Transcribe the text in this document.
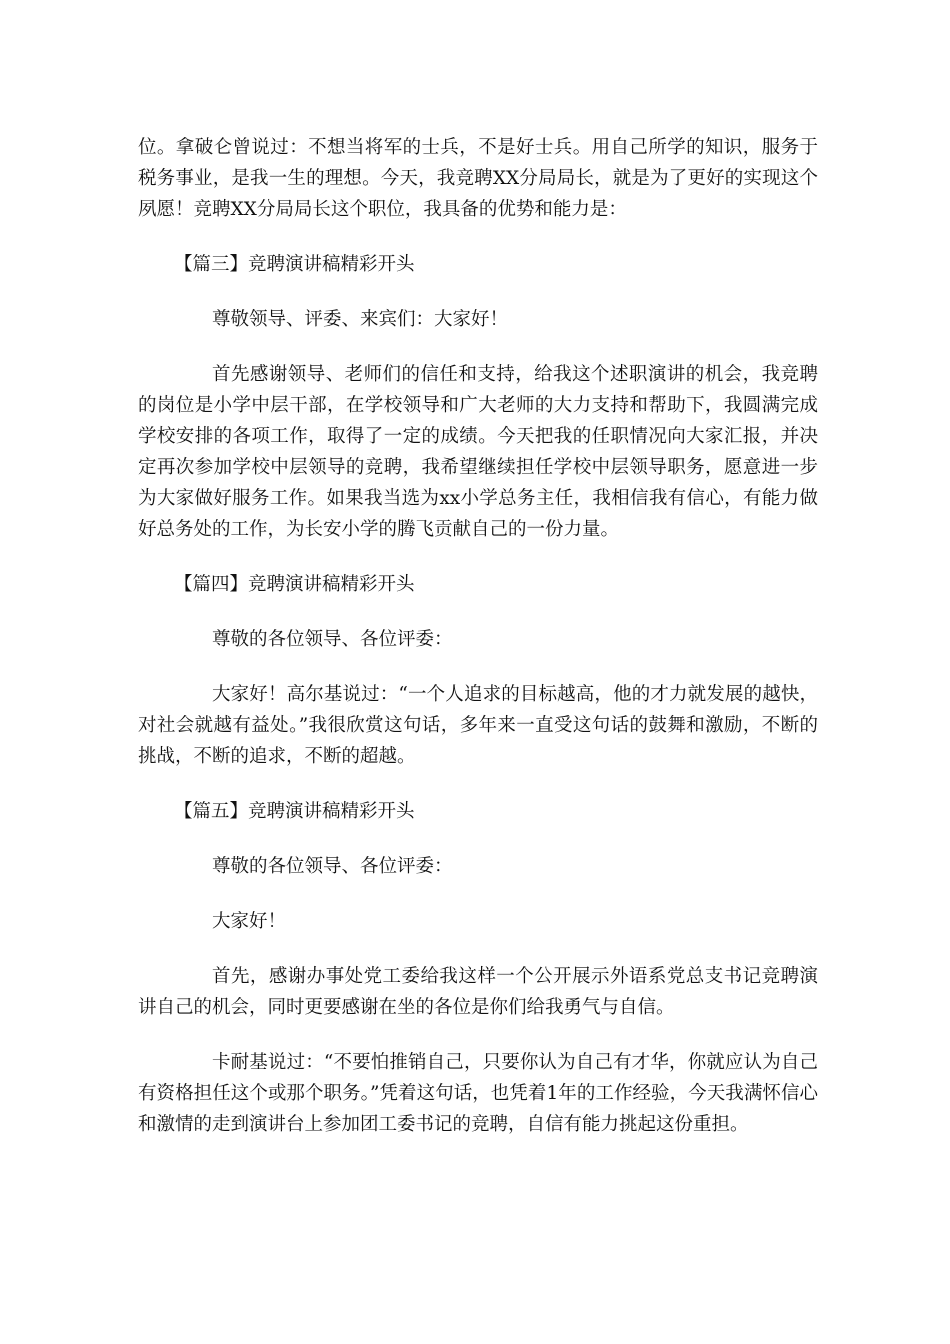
位。拿破仑曾说过：不想当将军的士兵，不是好士兵。用自己所学的知识，服务于税务事业，是我一生的理想。今天，我竞聘XX分局局长，就是为了更好的实现这个夙愿！竞聘XX分局局长这个职位，我具备的优势和能力是：

【篇三】竞聘演讲稿精彩开头

尊敬领导、评委、来宾们：大家好！

首先感谢领导、老师们的信任和支持，给我这个述职演讲的机会，我竞聘的岗位是小学中层干部，在学校领导和广大老师的大力支持和帮助下，我圆满完成学校安排的各项工作，取得了一定的成绩。今天把我的任职情况向大家汇报，并决定再次参加学校中层领导的竞聘，我希望继续担任学校中层领导职务，愿意进一步为大家做好服务工作。如果我当选为xx小学总务主任，我相信我有信心，有能力做好总务处的工作，为长安小学的腾飞贡献自己的一份力量。

【篇四】竞聘演讲稿精彩开头

尊敬的各位领导、各位评委：

大家好！高尔基说过：“一个人追求的目标越高，他的才力就发展的越快，对社会就越有益处。”我很欣赏这句话，多年来一直受这句话的鼓舞和激励，不断的挑战，不断的追求，不断的超越。

【篇五】竞聘演讲稿精彩开头

尊敬的各位领导、各位评委：

大家好！

首先，感谢办事处党工委给我这样一个公开展示外语系党总支书记竞聘演讲自己的机会，同时更要感谢在坐的各位是你们给我勇气与自信。

卡耐基说过：“不要怕推销自己，只要你认为自己有才华，你就应认为自己有资格担任这个或那个职务。”凭着这句话，也凭着1年的工作经验，今天我满怀信心和激情的走到演讲台上参加团工委书记的竞聘，自信有能力挑起这份重担。
